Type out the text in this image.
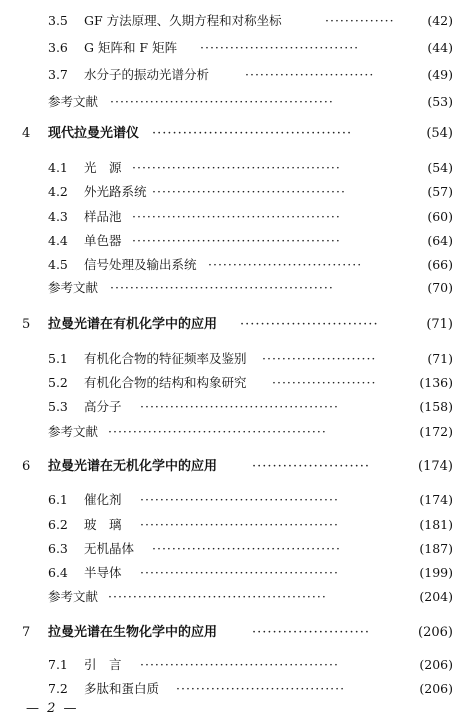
3.5 GF 方法原理、久期方程和对称坐标	··············	(42)
3.6 G 矩阵和 F 矩阵 ································	(44)
3.7 水分子的振动光谱分析	··························	(49)
参考文献 ·············································	(53)
4 现代拉曼光谱仪 ·······································	(54)
4.1 光　源 ··········································	(54)
4.2 外光路系统 ·······································	(57)
4.3 样品池 ··········································	(60)
4.4 单色器 ··········································	(64)
4.5 信号处理及输出系统 ·······························	(66)
参考文献 ·············································	(70)
5 拉曼光谱在有机化学中的应用 ···························	(71)
5.1 有机化合物的特征频率及鉴别 ·······················	(71)
5.2 有机化合物的结构和构象研究 ·····················	(136)
5.3 高分子 ········································	(158)
参考文献 ············································	(172)
6 拉曼光谱在无机化学中的应用	·······················	(174)
6.1 催化剂 ········································	(174)
6.2 玻　璃 ········································	(181)
6.3 无机晶体 ······································	(187)
6.4 半导体 ········································	(199)
参考文献 ············································	(204)
7 拉曼光谱在生物化学中的应用	·······················	(206)
7.1 引　言 ········································	(206)
7.2 多肽和蛋白质 ··································	(206)
— 2 —
